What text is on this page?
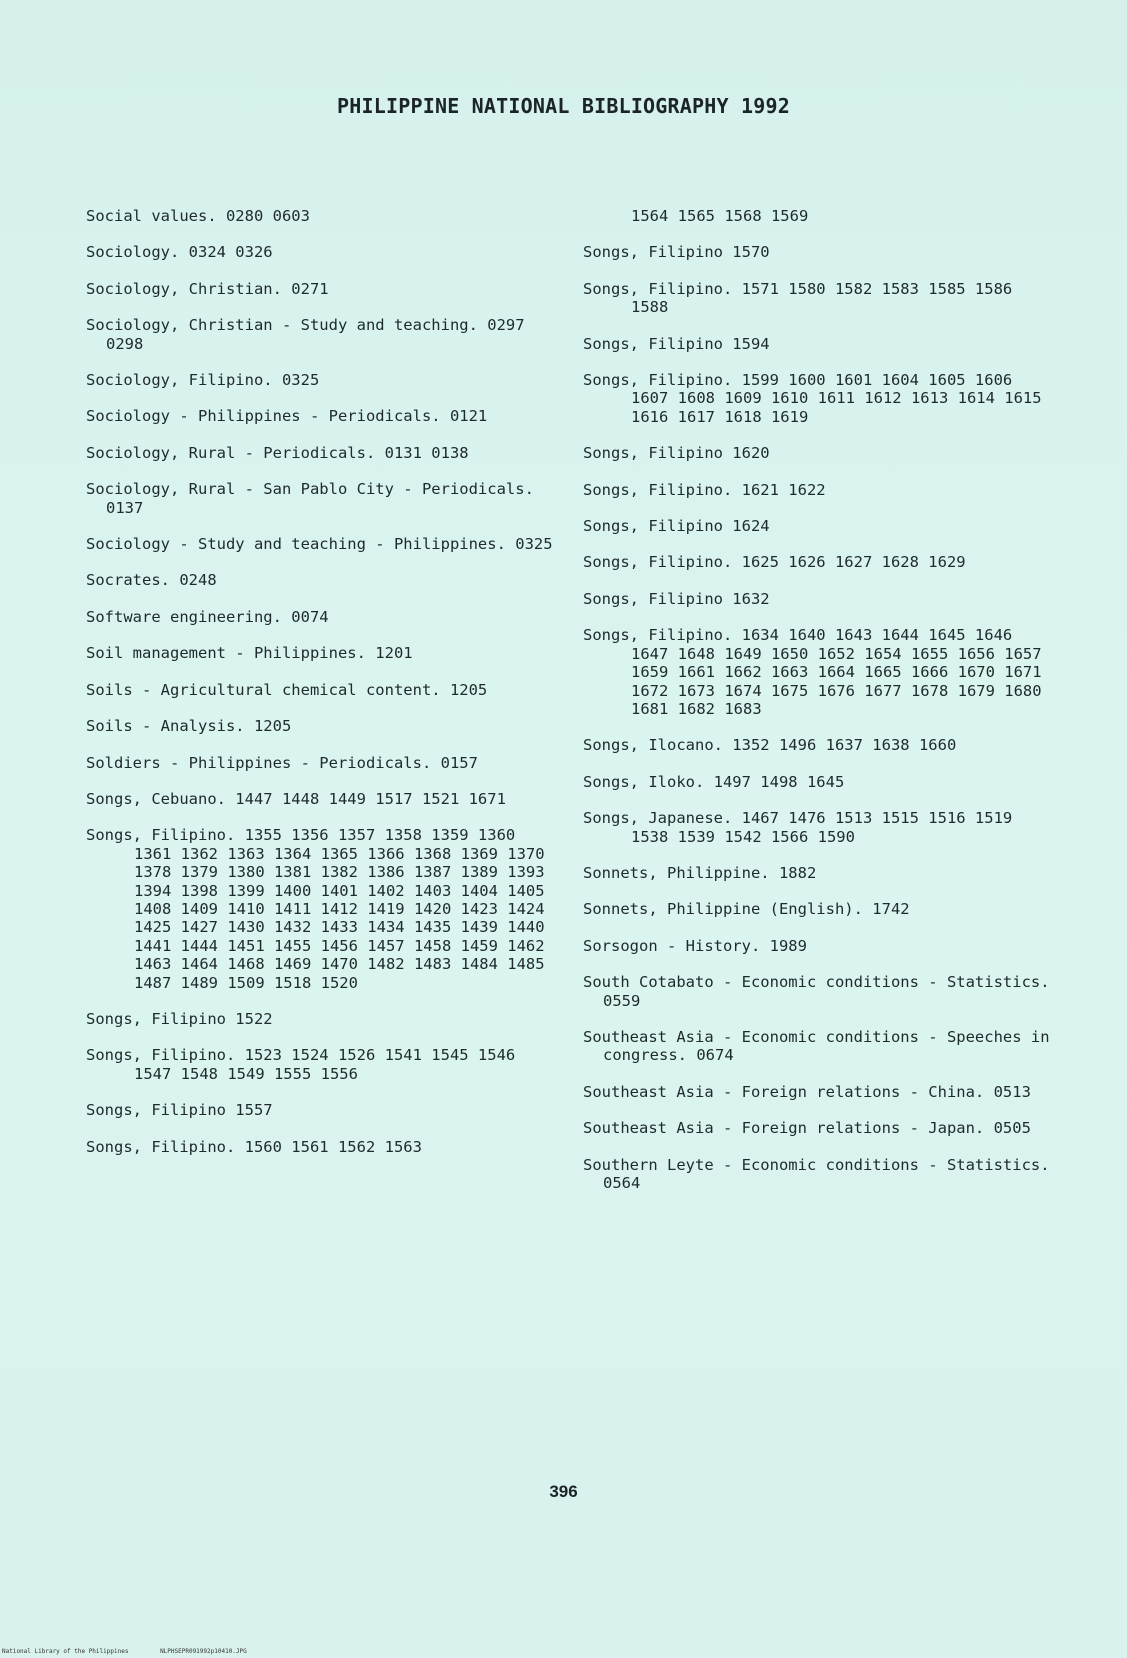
PHILIPPINE NATIONAL BIBLIOGRAPHY 1992
Social values. 0280 0603
Sociology. 0324 0326
Sociology, Christian. 0271
Sociology, Christian - Study and teaching. 0297 0298
Sociology, Filipino. 0325
Sociology - Philippines - Periodicals. 0121
Sociology, Rural - Periodicals. 0131 0138
Sociology, Rural - San Pablo City - Periodicals. 0137
Sociology - Study and teaching - Philippines. 0325
Socrates. 0248
Software engineering. 0074
Soil management - Philippines. 1201
Soils - Agricultural chemical content. 1205
Soils - Analysis. 1205
Soldiers - Philippines - Periodicals. 0157
Songs, Cebuano. 1447 1448 1449 1517 1521 1671
Songs, Filipino. 1355 1356 1357 1358 1359 1360 1361 1362 1363 1364 1365 1366 1368 1369 1370 1378 1379 1380 1381 1382 1386 1387 1389 1393 1394 1398 1399 1400 1401 1402 1403 1404 1405 1408 1409 1410 1411 1412 1419 1420 1423 1424 1425 1427 1430 1432 1433 1434 1435 1439 1440 1441 1444 1451 1455 1456 1457 1458 1459 1462 1463 1464 1468 1469 1470 1482 1483 1484 1485 1487 1489 1509 1518 1520
Songs, Filipino 1522
Songs, Filipino. 1523 1524 1526 1541 1545 1546 1547 1548 1549 1555 1556
Songs, Filipino 1557
Songs, Filipino. 1560 1561 1562 1563
1564 1565 1568 1569
Songs, Filipino 1570
Songs, Filipino. 1571 1580 1582 1583 1585 1586 1588
Songs, Filipino 1594
Songs, Filipino. 1599 1600 1601 1604 1605 1606 1607 1608 1609 1610 1611 1612 1613 1614 1615 1616 1617 1618 1619
Songs, Filipino 1620
Songs, Filipino. 1621 1622
Songs, Filipino 1624
Songs, Filipino. 1625 1626 1627 1628 1629
Songs, Filipino 1632
Songs, Filipino. 1634 1640 1643 1644 1645 1646 1647 1648 1649 1650 1652 1654 1655 1656 1657 1659 1661 1662 1663 1664 1665 1666 1670 1671 1672 1673 1674 1675 1676 1677 1678 1679 1680 1681 1682 1683
Songs, Ilocano. 1352 1496 1637 1638 1660
Songs, Iloko. 1497 1498 1645
Songs, Japanese. 1467 1476 1513 1515 1516 1519 1538 1539 1542 1566 1590
Sonnets, Philippine. 1882
Sonnets, Philippine (English). 1742
Sorsogon - History. 1989
South Cotabato - Economic conditions - Statistics. 0559
Southeast Asia - Economic conditions - Speeches in congress. 0674
Southeast Asia - Foreign relations - China. 0513
Southeast Asia - Foreign relations - Japan. 0505
Southern Leyte - Economic conditions - Statistics. 0564
396
National Library of the Philippines	NLPHSEPR091992p10410.JPG
